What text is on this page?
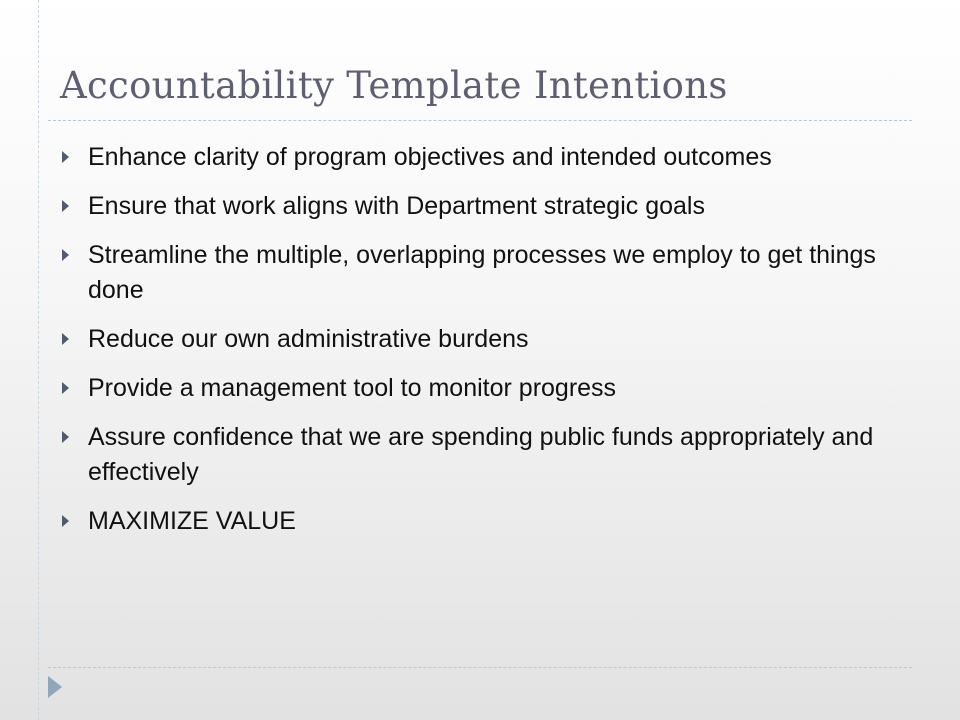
Accountability Template Intentions
Enhance clarity of program objectives and intended outcomes
Ensure that work aligns with Department strategic goals
Streamline the multiple, overlapping processes we employ to get things done
Reduce our own administrative burdens
Provide a management tool to monitor progress
Assure confidence that we are spending public funds appropriately and effectively
MAXIMIZE VALUE
